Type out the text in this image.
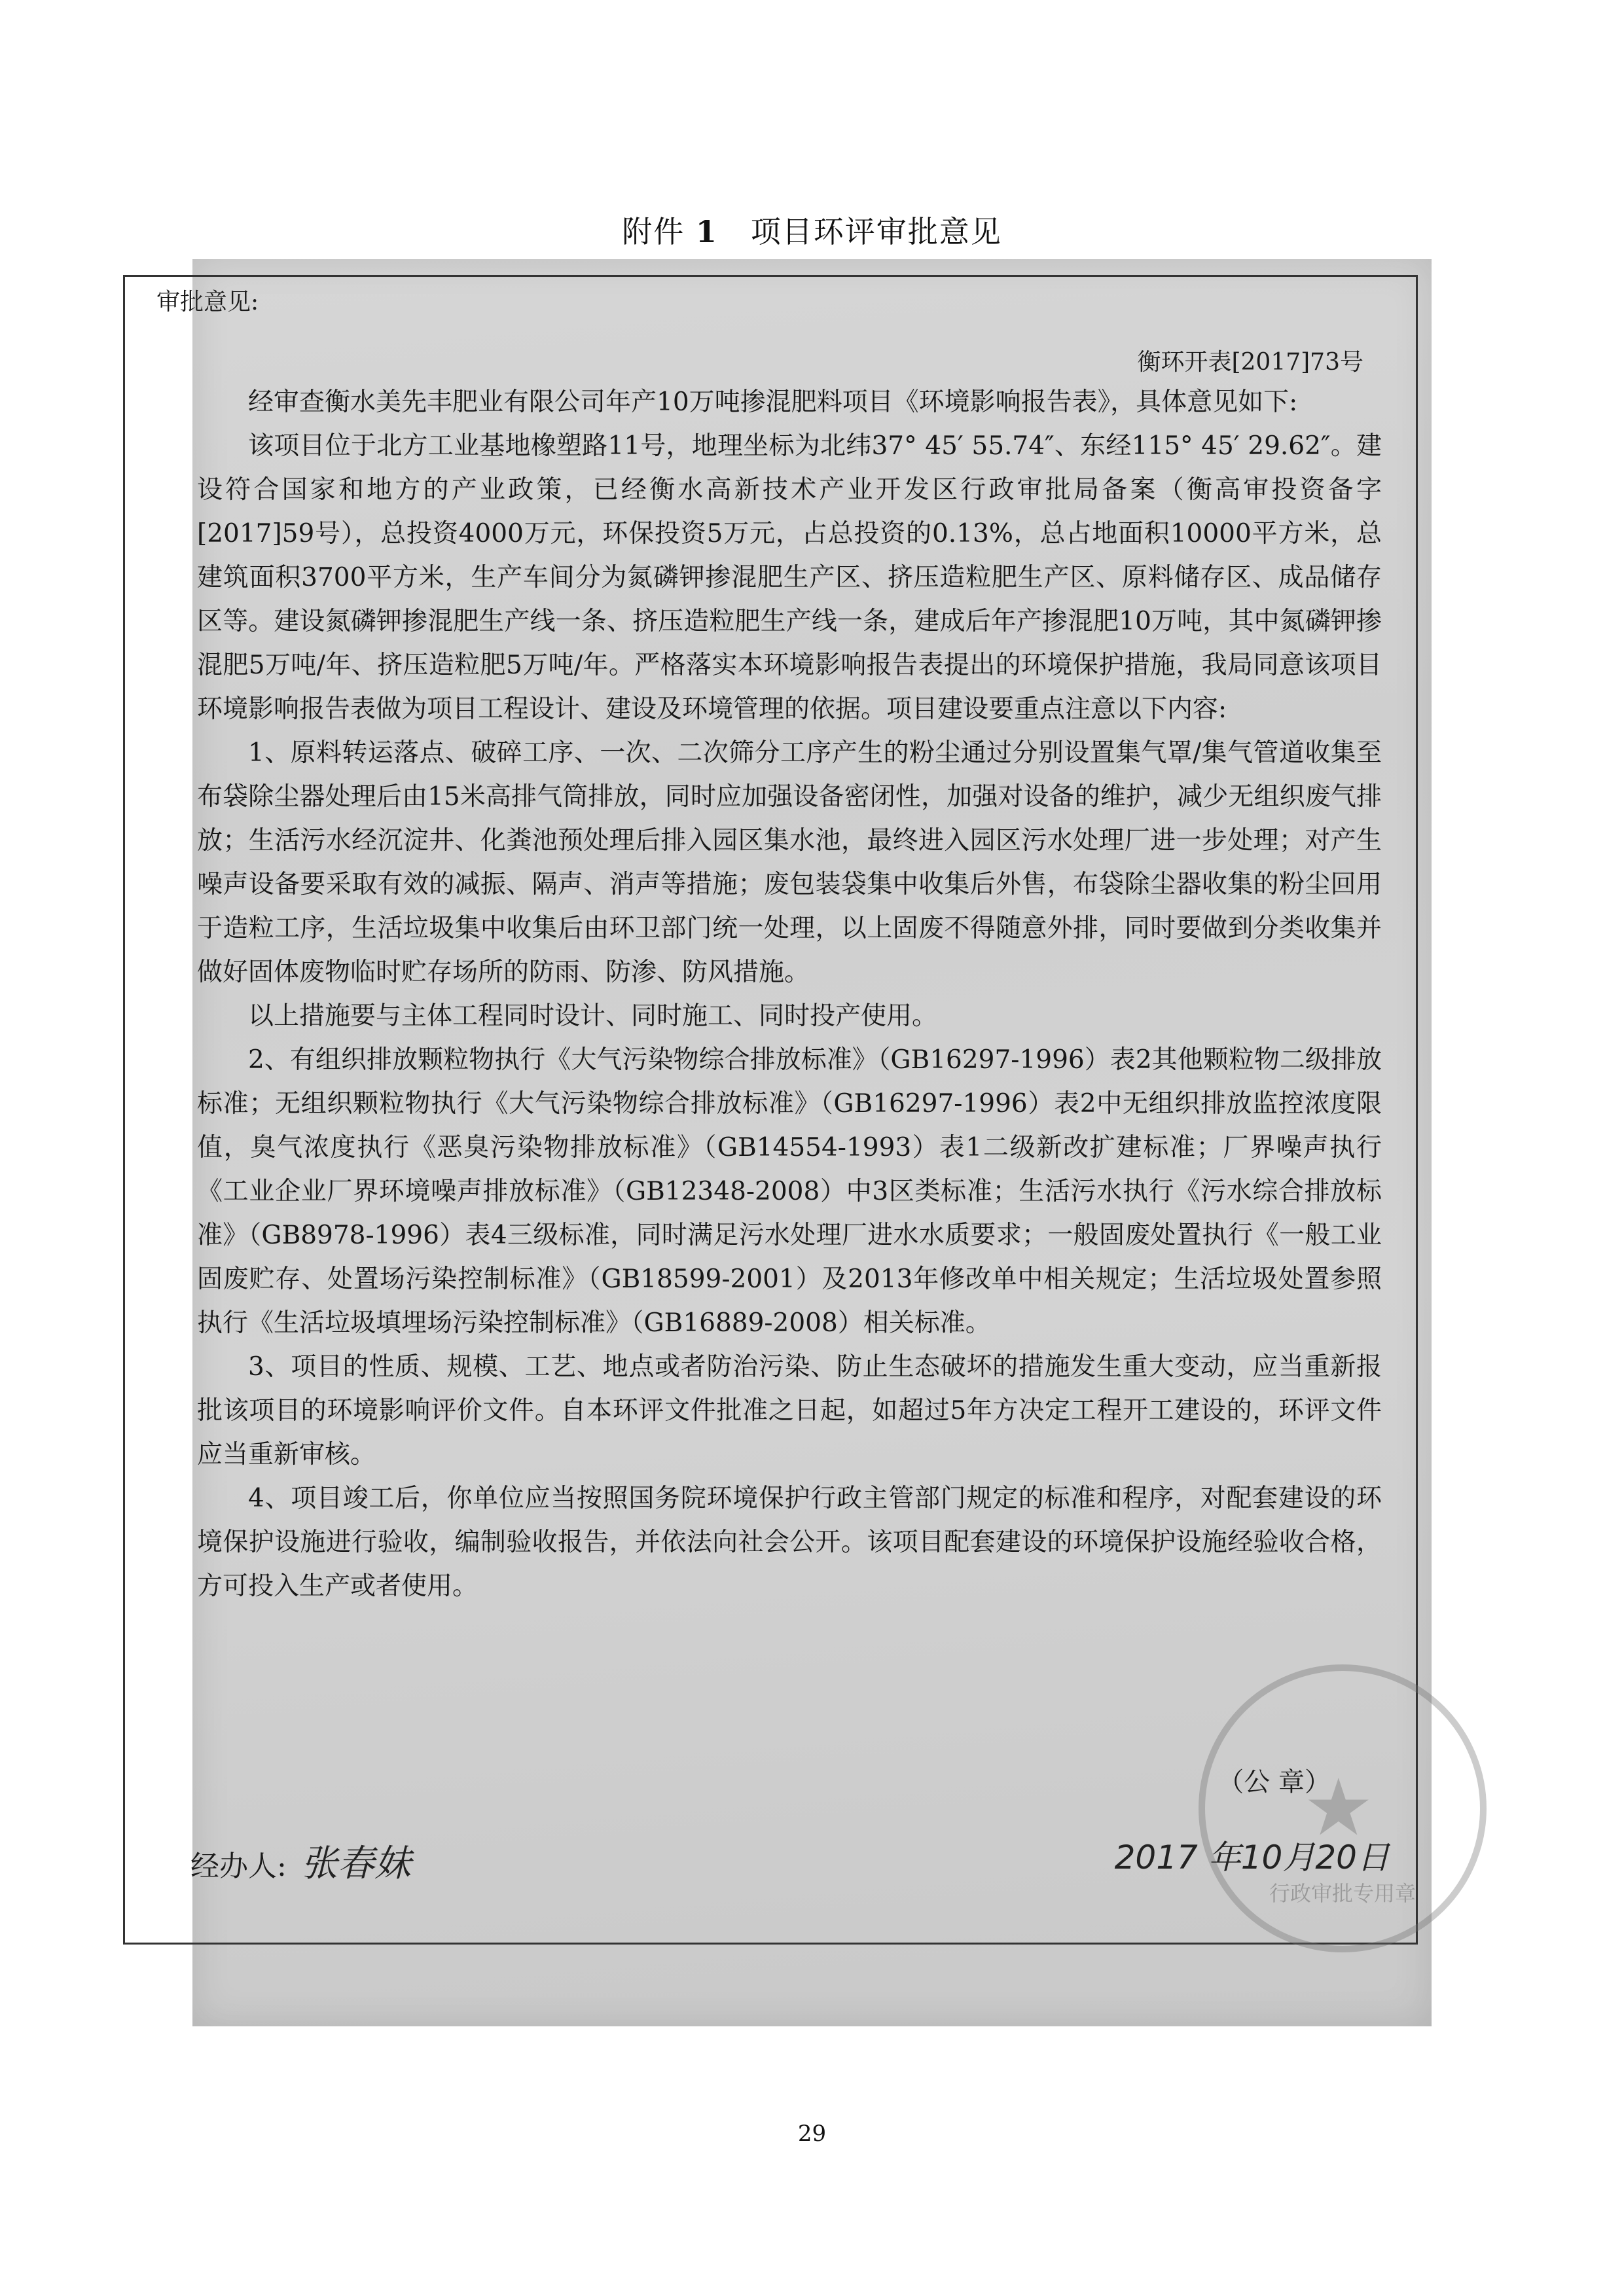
附件 1 项目环评审批意见
审批意见:
衡环开表[2017]73号

经审查衡水美先丰肥业有限公司年产10万吨掺混肥料项目《环境影响报告表》，具体意见如下:

该项目位于北方工业基地橡塑路11号，地理坐标为北纬37° 45′ 55.74″、东经115° 45′ 29.62″。建设符合国家和地方的产业政策，已经衡水高新技术产业开发区行政审批局备案（衡高审投资备字[2017]59号），总投资4000万元，环保投资5万元，占总投资的0.13%，总占地面积10000平方米，总建筑面积3700平方米，生产车间分为氮磷钾掺混肥生产区、挤压造粒肥生产区、原料储存区、成品储存区等。建设氮磷钾掺混肥生产线一条、挤压造粒肥生产线一条，建成后年产掺混肥10万吨，其中氮磷钾掺混肥5万吨/年、挤压造粒肥5万吨/年。严格落实本环境影响报告表提出的环境保护措施，我局同意该项目环境影响报告表做为项目工程设计、建设及环境管理的依据。项目建设要重点注意以下内容:

1、原料转运落点、破碎工序、一次、二次筛分工序产生的粉尘通过分别设置集气罩/集气管道收集至布袋除尘器处理后由15米高排气筒排放，同时应加强设备密闭性，加强对设备的维护，减少无组织废气排放；生活污水经沉淀井、化粪池预处理后排入园区集水池，最终进入园区污水处理厂进一步处理；对产生噪声设备要采取有效的减振、隔声、消声等措施；废包装袋集中收集后外售，布袋除尘器收集的粉尘回用于造粒工序，生活垃圾集中收集后由环卫部门统一处理，以上固废不得随意外排，同时要做到分类收集并做好固体废物临时贮存场所的防雨、防渗、防风措施。

以上措施要与主体工程同时设计、同时施工、同时投产使用。

2、有组织排放颗粒物执行《大气污染物综合排放标准》（GB16297-1996）表2其他颗粒物二级排放标准；无组织颗粒物执行《大气污染物综合排放标准》（GB16297-1996）表2中无组织排放监控浓度限值，臭气浓度执行《恶臭污染物排放标准》（GB14554-1993）表1二级新改扩建标准；厂界噪声执行《工业企业厂界环境噪声排放标准》（GB12348-2008）中3区类标准；生活污水执行《污水综合排放标准》（GB8978-1996）表4三级标准，同时满足污水处理厂进水水质要求；一般固废处置执行《一般工业固废贮存、处置场污染控制标准》（GB18599-2001）及2013年修改单中相关规定；生活垃圾处置参照执行《生活垃圾填埋场污染控制标准》（GB16889-2008）相关标准。

3、项目的性质、规模、工艺、地点或者防治污染、防止生态破坏的措施发生重大变动，应当重新报批该项目的环境影响评价文件。自本环评文件批准之日起，如超过5年方决定工程开工建设的，环评文件应当重新审核。

4、项目竣工后，你单位应当按照国务院环境保护行政主管部门规定的标准和程序，对配套建设的环境保护设施进行验收，编制验收报告，并依法向社会公开。该项目配套建设的环境保护设施经验收合格，方可投入生产或者使用。

★
行政审批专用章
（公 章）
经办人: 张春妹	2017 年10月20日
29
